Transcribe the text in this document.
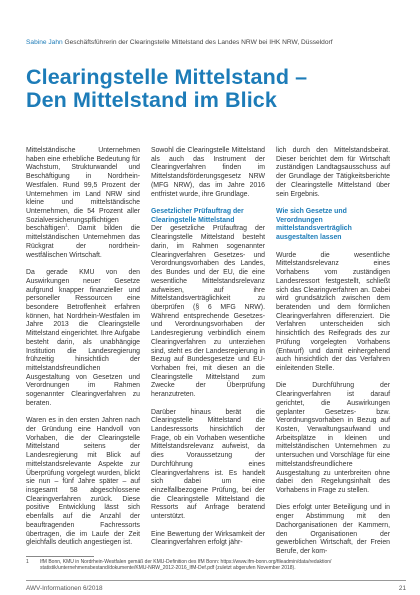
Sabine Jahn Geschäftsführerin der Clearingstelle Mittelstand des Landes NRW bei IHK NRW, Düsseldorf
Clearingstelle Mittelstand –
Den Mittelstand im Blick

Mittelständische Unternehmen haben eine erhebliche Bedeutung für Wachstum, Strukturwandel und Beschäftigung in Nordrhein-Westfalen. Rund 99,5 Prozent der Unternehmen im Land NRW sind kleine und mittelständische Unternehmen, die 54 Prozent aller Sozialversicherungspflichtigen beschäftigen$^1$. Damit bilden die mittelständischen Unternehmen das Rückgrat der nordrhein-westfälischen Wirtschaft.

Da gerade KMU von den Auswirkungen neuer Gesetze aufgrund knapper finanzieller und personeller Ressourcen eine besondere Betroffenheit erfahren können, hat Nordrhein-Westfalen im Jahre 2013 die Clearingstelle Mittelstand eingerichtet. Ihre Aufgabe besteht darin, als unabhängige Institution die Landesregierung frühzeitig hinsichtlich der mittelstandsfreundlichen Ausgestaltung von Gesetzen und Verordnungen im Rahmen sogenannter Clearingverfahren zu beraten.

Waren es in den ersten Jahren nach der Gründung eine Handvoll von Vorhaben, die der Clearingstelle Mittelstand seitens der Landesregierung mit Blick auf mittelstandsrelevante Aspekte zur Überprüfung vorgelegt wurden, blickt sie nun – fünf Jahre später – auf insgesamt 58 abgeschlossene Clearingverfahren zurück. Diese positive Entwicklung lässt sich ebenfalls auf die Anzahl der beauftragenden Fachressorts übertragen, die im Laufe der Zeit gleichfalls deutlich angestiegen ist.

Sowohl die Clearingstelle Mittelstand als auch das Instrument der Clearingverfahren finden im Mittelstandsförderungsgesetz NRW (MFG NRW), das im Jahre 2016 entfristet wurde, ihre Grundlage.

Gesetzlicher Prüfauftrag der Clearingstelle Mittelstand

Der gesetzliche Prüfauftrag der Clearingstelle Mittelstand besteht darin, im Rahmen sogenannter Clearingverfahren Gesetzes- und Verordnungsvorhaben des Landes, des Bundes und der EU, die eine wesentliche Mittelstandsrelevanz aufweisen, auf ihre Mittelstandsverträglichkeit zu überprüfen (§ 6 MFG NRW). Während entsprechende Gesetzes- und Verordnungsvorhaben der Landesregierung verbindlich einem Clearingverfahren zu unterziehen sind, steht es der Landesregierung in Bezug auf Bundesgesetze und EU-Vorhaben frei, mit diesen an die Clearingstelle Mittelstand zum Zwecke der Überprüfung heranzutreten.

Darüber hinaus berät die Clearingstelle Mittelstand die Landesressorts hinsichtlich der Frage, ob ein Vorhaben wesentliche Mittelstandsrelevanz aufweist, da dies Voraussetzung der Durchführung eines Clearingverfahrens ist. Es handelt sich dabei um eine einzelfallbezogene Prüfung, bei der die Clearingstelle Mittelstand die Ressorts auf Anfrage beratend unterstützt.

Eine Bewertung der Wirksamkeit der Clearingverfahren erfolgt jähr-

lich durch den Mittelstandsbeirat. Dieser berichtet dem für Wirtschaft zuständigen Landtagsausschuss auf der Grundlage der Tätigkeitsberichte der Clearingstelle Mittelstand über sein Ergebnis.

Wie sich Gesetze und Verordnungen mittelstandsverträglich ausgestalten lassen

Wurde die wesentliche Mittelstandsrelevanz eines Vorhabens vom zuständigen Landesressort festgestellt, schließt sich das Clearingverfahren an. Dabei wird grundsätzlich zwischen dem beratenden und dem förmlichen Clearingverfahren differenziert. Die Verfahren unterscheiden sich hinsichtlich des Reifegrads des zur Prüfung vorgelegten Vorhabens (Entwurf) und damit einhergehend auch hinsichtlich der das Verfahren einleitenden Stelle.

Die Durchführung der Clearingverfahren ist darauf gerichtet, die Auswirkungen geplanter Gesetzes- bzw. Verordnungsvorhaben in Bezug auf Kosten, Verwaltungsaufwand und Arbeitsplätze in kleinen und mittelständischen Unternehmen zu untersuchen und Vorschläge für eine mittelstandsfreundlichere Ausgestaltung zu unterbreiten ohne dabei den Regelungsinhalt des Vorhabens in Frage zu stellen.

Dies erfolgt unter Beteiligung und in enger Abstimmung mit den Dachorganisationen der Kammern, den Organisationen der gewerblichen Wirtschaft, der Freien Berufe, der kom-

1 IfM Bonn, KMU in Nordrhein-Westfalen gemäß der KMU-Definition des IfM Bonn: https://www.ifm-bonn.org/fileadmin/data/redaktion/
statistik/unternehmensbestand/dokumente/KMU-NRW_2012-2016_IfM-Def.pdf (zuletzt abgerufen November 2018).
AWV-Informationen 6/2018	21
